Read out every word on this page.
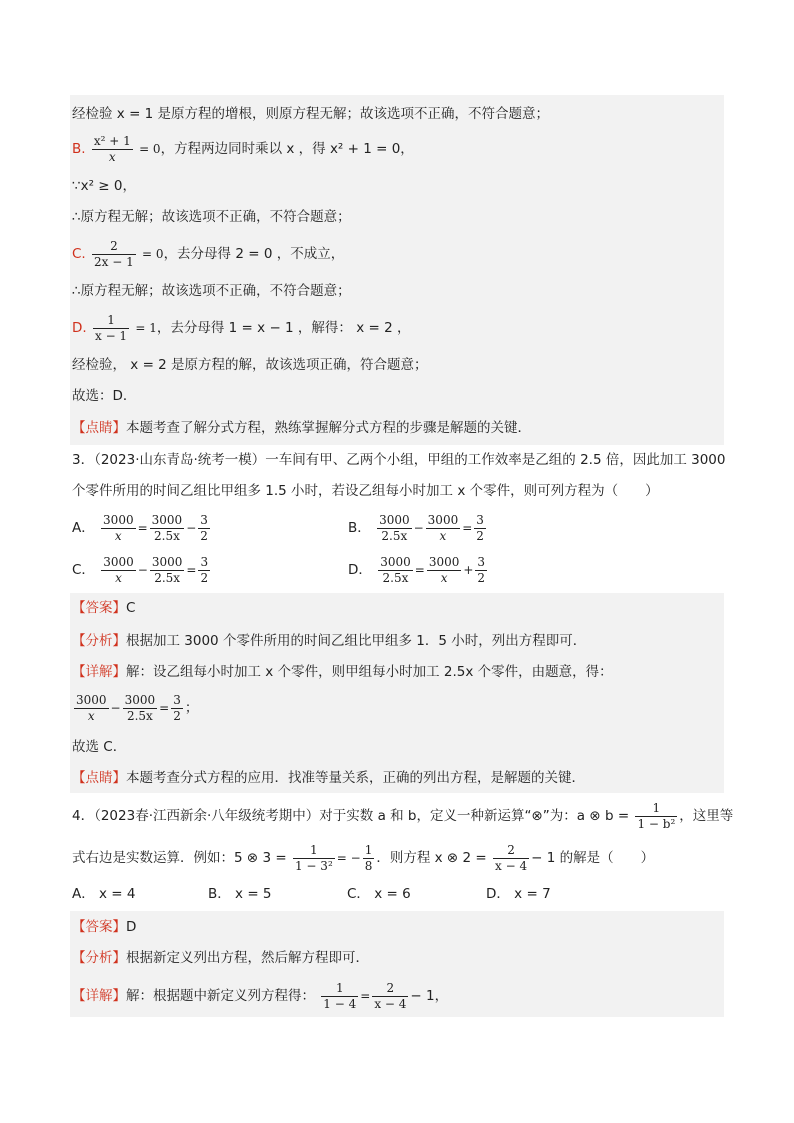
经检验 x = 1 是原方程的增根，则原方程无解；故该选项不正确，不符合题意；
B. $\frac{\text{x² + 1}}{x} = 0$，方程两边同时乘以 x ，得 x² + 1 = 0，
∵x² ≥ 0，
∴原方程无解；故该选项不正确，不符合题意；
C. $\frac{2}{2x - 1} = 0$，去分母得 2 = 0 ，不成立，
∴原方程无解；故该选项不正确，不符合题意；
D. $\frac{1}{x - 1} = 1$，去分母得 1 = x − 1 ，解得： x = 2 ，
经检验， x = 2 是原方程的解，故该选项正确，符合题意；
故选：D．
【点睛】本题考查了解分式方程，熟练掌握解分式方程的步骤是解题的关键．
3．（2023·山东青岛·统考一模）一车间有甲、乙两个小组，甲组的工作效率是乙组的 2.5 倍，因此加工 3000
个零件所用的时间乙组比甲组多 1.5 小时，若设乙组每小时加工 x 个零件，则可列方程为（　　）
A． $\frac{3000}{x} = \frac{3000}{2.5x} - \frac{3}{2}$	B． $\frac{3000}{2.5x} - \frac{3000}{x} = \frac{3}{2}$
C． $\frac{3000}{x} - \frac{3000}{2.5x} = \frac{3}{2}$	D． $\frac{3000}{2.5x} = \frac{3000}{x} + \frac{3}{2}$
【答案】C
【分析】根据加工 3000 个零件所用的时间乙组比甲组多 1．5 小时，列出方程即可．
【详解】解：设乙组每小时加工 x 个零件，则甲组每小时加工 2.5x 个零件，由题意，得：
$\frac{3000}{x} - \frac{3000}{2.5x} = \frac{3}{2}$ ；
故选 C．
【点睛】本题考查分式方程的应用．找准等量关系，正确的列出方程，是解题的关键．
4．（2023春·江西新余·八年级统考期中）对于实数 a 和 b，定义一种新运算“⊗”为：a ⊗ $b = \frac{1}{\text{1 − b²}}$ ，这里等
式右边是实数运算．例如：5 ⊗ $3 = \frac{1}{\text{1 − 3²}}$ = − $\frac{1}{8}$ ．则方程 x ⊗ $2 = \frac{2}{x - 4} - 1$ 的解是（　　）
A． x = 4	B． x = 5	C． x = 6	D． x = 7
【答案】D
【分析】根据新定义列出方程，然后解方程即可．
【详解】解：根据题中新定义列方程得： $\frac{1}{1 - 4} = \frac{2}{x - 4} - 1$，
